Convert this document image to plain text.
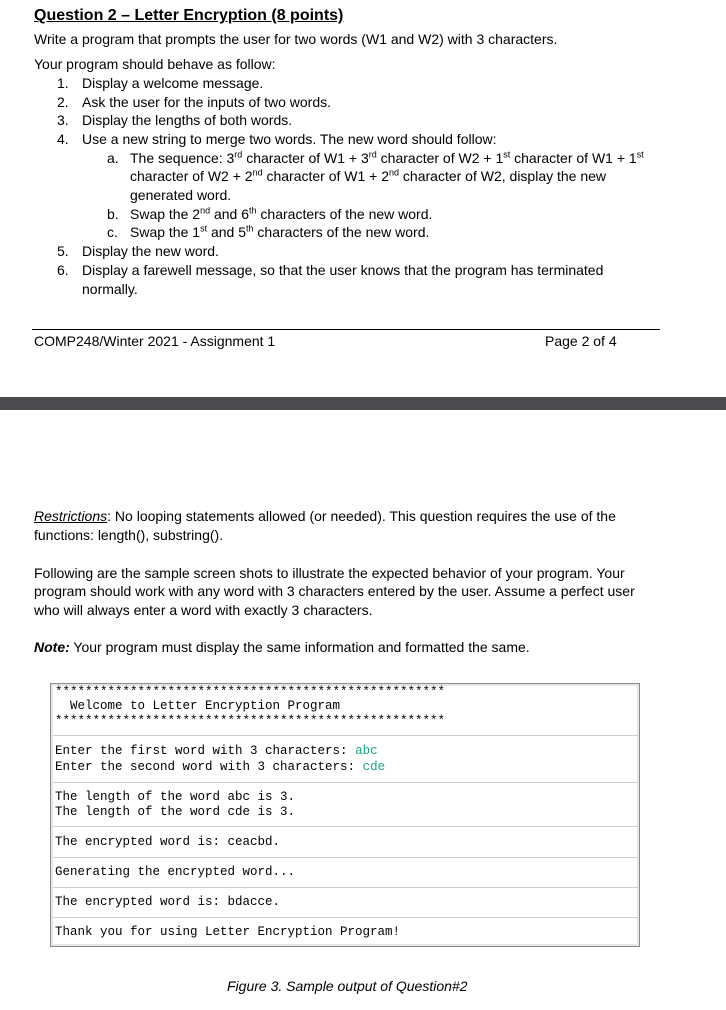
Question 2 – Letter Encryption (8 points)
Write a program that prompts the user for two words (W1 and W2) with 3 characters.
Your program should behave as follow:
1. Display a welcome message.
2. Ask the user for the inputs of two words.
3. Display the lengths of both words.
4. Use a new string to merge two words. The new word should follow:
a. The sequence: 3rd character of W1 + 3rd character of W2 + 1st character of W1 + 1st
character of W2 + 2nd character of W1 + 2nd character of W2, display the new
generated word.
b. Swap the 2nd and 6th characters of the new word.
c. Swap the 1st and 5th characters of the new word.
5. Display the new word.
6. Display a farewell message, so that the user knows that the program has terminated
normally.
COMP248/Winter 2021 - Assignment 1	Page 2 of 4
Restrictions: No looping statements allowed (or needed). This question requires the use of the
functions: length(), substring().
Following are the sample screen shots to illustrate the expected behavior of your program. Your
program should work with any word with 3 characters entered by the user. Assume a perfect user
who will always enter a word with exactly 3 characters.
Note: Your program must display the same information and formatted the same.
****************************************************
Welcome to Letter Encryption Program
****************************************************
Enter the first word with 3 characters: abc
Enter the second word with 3 characters: cde
The length of the word abc is 3.
The length of the word cde is 3.
The encrypted word is: ceacbd.
Generating the encrypted word...
The encrypted word is: bdacce.
Thank you for using Letter Encryption Program!
Figure 3. Sample output of Question#2
